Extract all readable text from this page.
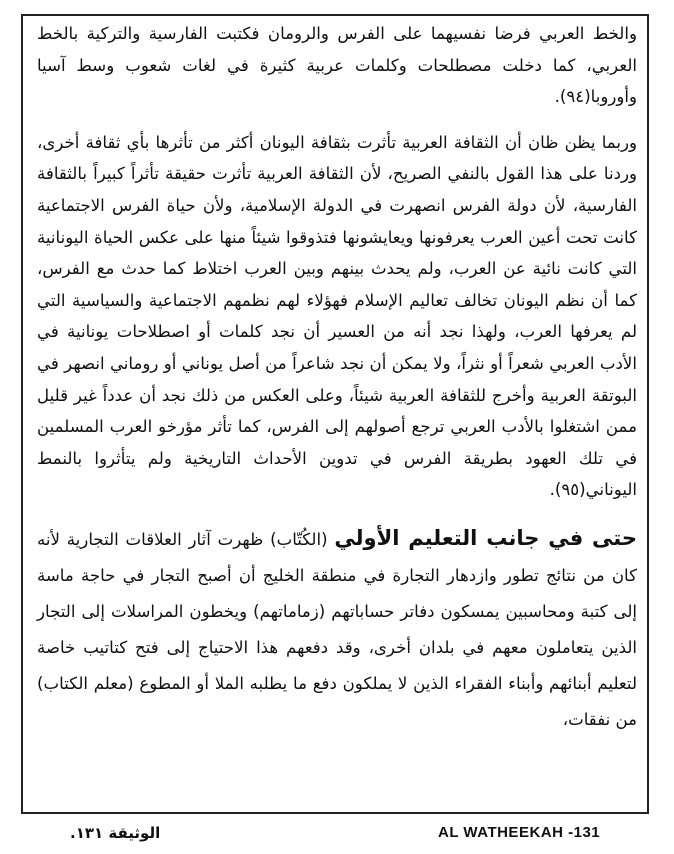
والخط العربي فرضا نفسيهما على الفرس والرومان فكتبت الفارسية والتركية بالخط العربي، كما دخلت مصطلحات وكلمات عربية كثيرة في لغات شعوب وسط آسيا وأوروبا(٩٤).

وربما يظن ظان أن الثقافة العربية تأثرت بثقافة اليونان أكثر من تأثرها بأي ثقافة أخرى، وردنا على هذا القول بالنفي الصريح، لأن الثقافة العربية تأثرت حقيقة تأثراً كبيراً بالثقافة الفارسية، لأن دولة الفرس انصهرت في الدولة الإسلامية، ولأن حياة الفرس الاجتماعية كانت تحت أعين العرب يعرفونها ويعايشونها فتذوقوا شيئاً منها على عكس الحياة اليونانية التي كانت نائية عن العرب، ولم يحدث بينهم وبين العرب اختلاط كما حدث مع الفرس، كما أن نظم اليونان تخالف تعاليم الإسلام فهؤلاء لهم نظمهم الاجتماعية والسياسية التي لم يعرفها العرب، ولهذا نجد أنه من العسير أن نجد كلمات أو اصطلاحات يونانية في الأدب العربي شعراً أو نثراً، ولا يمكن أن نجد شاعراً من أصل يوناني أو روماني انصهر في البوتقة العربية وأخرج للثقافة العربية شيئاً، وعلى العكس من ذلك نجد أن عدداً غير قليل ممن اشتغلوا بالأدب العربي ترجع أصولهم إلى الفرس، كما تأثر مؤرخو العرب المسلمين في تلك العهود بطريقة الفرس في تدوين الأحداث التاريخية ولم يتأثروا بالنمط اليوناني(٩٥).

حتى في جانب التعليم الأولي (الكُتّاب) ظهرت آثار العلاقات التجارية لأنه كان من نتائج تطور وازدهار التجارة في منطقة الخليج أن أصبح التجار في حاجة ماسة إلى كتبة ومحاسبين يمسكون دفاتر حساباتهم (زماماتهم) ويخطون المراسلات إلى التجار الذين يتعاملون معهم في بلدان أخرى، وقد دفعهم هذا الاحتياج إلى فتح كتاتيب خاصة لتعليم أبنائهم وأبناء الفقراء الذين لا يملكون دفع ما يطلبه الملا أو المطوع (معلم الكتاب) من نفقات،

AL WATHEEKAH -131
الوثيقة ١٣١.
